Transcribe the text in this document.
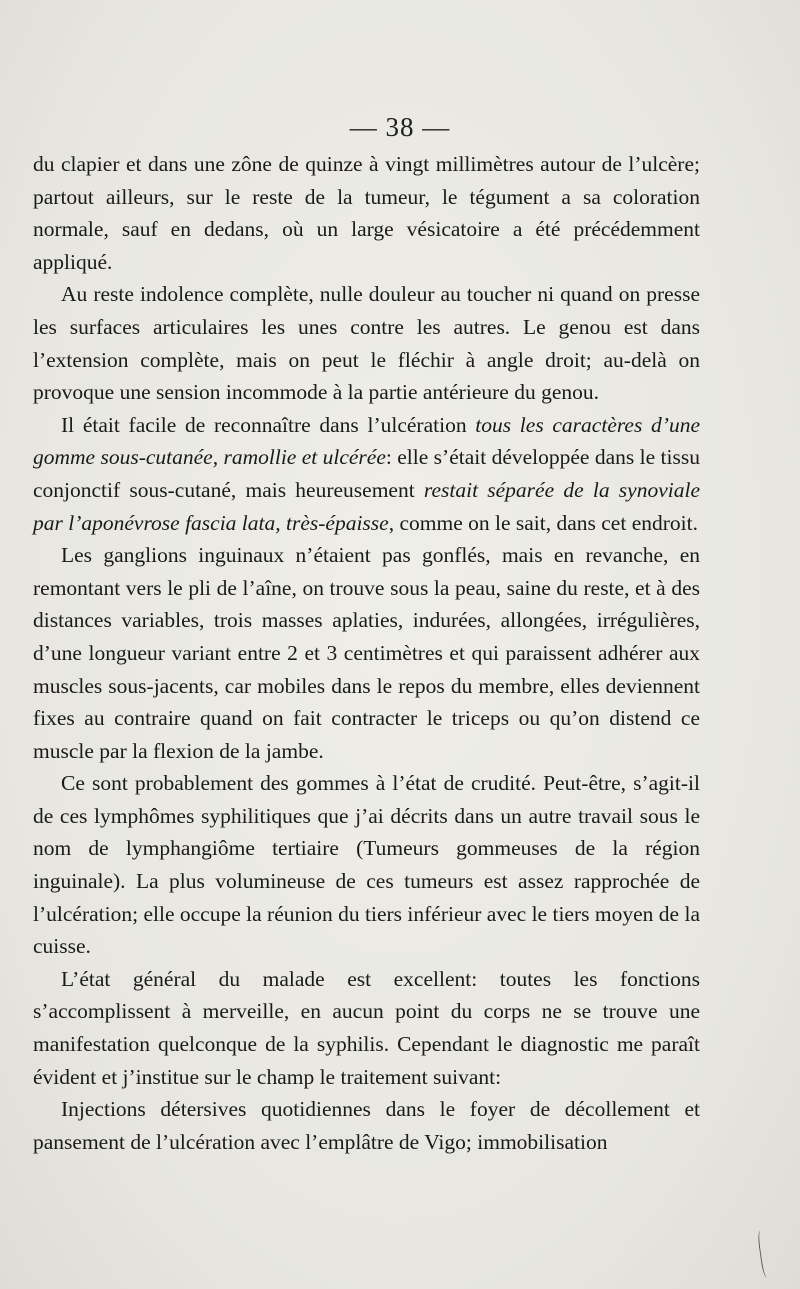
— 38 —

du clapier et dans une zône de quinze à vingt millimètres autour de l’ulcère; partout ailleurs, sur le reste de la tumeur, le tégument a sa coloration normale, sauf en dedans, où un large vésicatoire a été précédemment appliqué.

Au reste indolence complète, nulle douleur au toucher ni quand on presse les surfaces articulaires les unes contre les autres. Le genou est dans l’extension complète, mais on peut le fléchir à angle droit; au-delà on provoque une sension incommode à la partie antérieure du genou.

Il était facile de reconnaître dans l’ulcération tous les caractères d’une gomme sous-cutanée, ramollie et ulcérée: elle s’était développée dans le tissu conjonctif sous-cutané, mais heureusement restait séparée de la synoviale par l’aponévrose fascia lata, très-épaisse, comme on le sait, dans cet endroit.

Les ganglions inguinaux n’étaient pas gonflés, mais en revanche, en remontant vers le pli de l’aîne, on trouve sous la peau, saine du reste, et à des distances variables, trois masses aplaties, indurées, allongées, irrégulières, d’une longueur variant entre 2 et 3 centimètres et qui paraissent adhérer aux muscles sous-jacents, car mobiles dans le repos du membre, elles deviennent fixes au contraire quand on fait contracter le triceps ou qu’on distend ce muscle par la flexion de la jambe.

Ce sont probablement des gommes à l’état de crudité. Peut-être, s’agit-il de ces lymphômes syphilitiques que j’ai décrits dans un autre travail sous le nom de lymphangiôme tertiaire (Tumeurs gommeuses de la région inguinale). La plus volumineuse de ces tumeurs est assez rapprochée de l’ulcération; elle occupe la réunion du tiers inférieur avec le tiers moyen de la cuisse.

L’état général du malade est excellent: toutes les fonctions s’accomplissent à merveille, en aucun point du corps ne se trouve une manifestation quelconque de la syphilis. Cependant le diagnostic me paraît évident et j’institue sur le champ le traitement suivant:

Injections détersives quotidiennes dans le foyer de décollement et pansement de l’ulcération avec l’emplâtre de Vigo; immobilisation
